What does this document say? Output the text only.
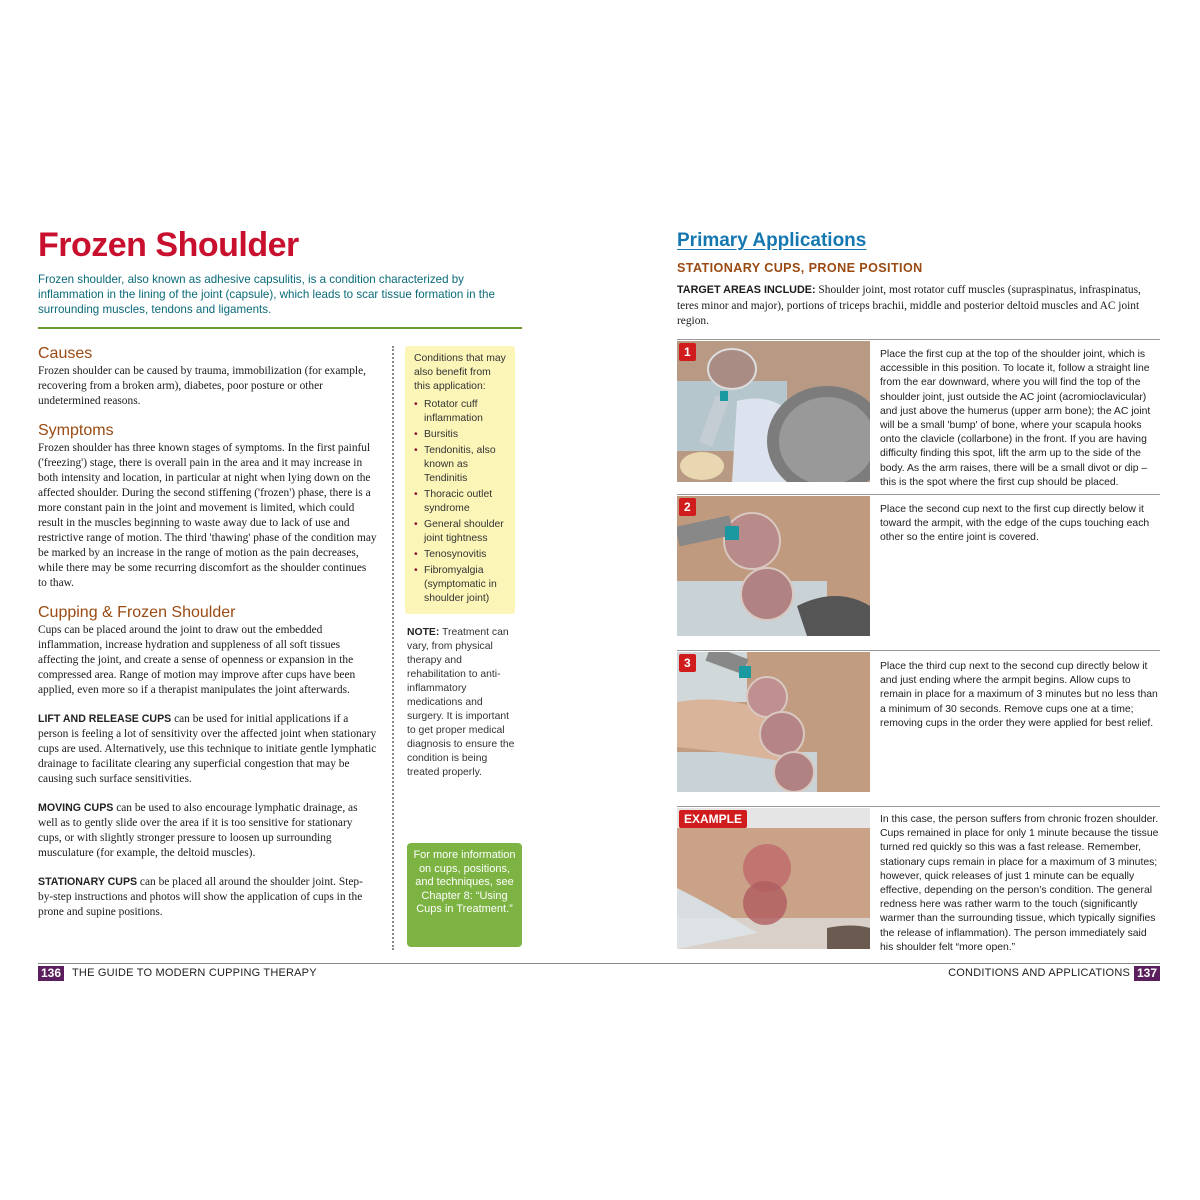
Frozen Shoulder

Frozen shoulder, also known as adhesive capsulitis, is a condition characterized by inflammation in the lining of the joint (capsule), which leads to scar tissue formation in the surrounding muscles, tendons and ligaments.

Causes

Frozen shoulder can be caused by trauma, immobilization (for example, recovering from a broken arm), diabetes, poor posture or other undetermined reasons.

Symptoms

Frozen shoulder has three known stages of symptoms. In the first painful ('freezing') stage, there is overall pain in the area and it may increase in both intensity and location, in particular at night when lying down on the affected shoulder. During the second stiffening ('frozen') phase, there is a more constant pain in the joint and movement is limited, which could result in the muscles beginning to waste away due to lack of use and restrictive range of motion. The third 'thawing' phase of the condition may be marked by an increase in the range of motion as the pain decreases, while there may be some recurring discomfort as the shoulder continues to thaw.

Cupping & Frozen Shoulder

Cups can be placed around the joint to draw out the embedded inflammation, increase hydration and suppleness of all soft tissues affecting the joint, and create a sense of openness or expansion in the compressed area. Range of motion may improve after cups have been applied, even more so if a therapist manipulates the joint afterwards.

LIFT AND RELEASE CUPS can be used for initial applications if a person is feeling a lot of sensitivity over the affected joint when stationary cups are used. Alternatively, use this technique to initiate gentle lymphatic drainage to facilitate clearing any superficial congestion that may be causing such surface sensitivities.

MOVING CUPS can be used to also encourage lymphatic drainage, as well as to gently slide over the area if it is too sensitive for stationary cups, or with slightly stronger pressure to loosen up surrounding musculature (for example, the deltoid muscles).

STATIONARY CUPS can be placed all around the shoulder joint. Step-by-step instructions and photos will show the application of cups in the prone and supine positions.

Conditions that may also benefit from this application:
• Rotator cuff inflammation
• Bursitis
• Tendonitis, also known as Tendinitis
• Thoracic outlet syndrome
• General shoulder joint tightness
• Tenosynovitis
• Fibromyalgia (symptomatic in shoulder joint)
NOTE: Treatment can vary, from physical therapy and rehabilitation to anti-inflammatory medications and surgery. It is important to get proper medical diagnosis to ensure the condition is being treated properly.
For more information on cups, positions, and techniques, see Chapter 8: “Using Cups in Treatment.”
Primary Applications
STATIONARY CUPS, PRONE POSITION

TARGET AREAS INCLUDE: Shoulder joint, most rotator cuff muscles (supraspinatus, infraspinatus, teres minor and major), portions of triceps brachii, middle and posterior deltoid muscles and AC joint region.

1	Place the first cup at the top of the shoulder joint, which is accessible in this position. To locate it, follow a straight line from the ear downward, where you will find the top of the shoulder joint, just outside the AC joint (acromioclavicular) and just above the humerus (upper arm bone); the AC joint will be a small 'bump' of bone, where your scapula hooks onto the clavicle (collarbone) in the front. If you are having difficulty finding this spot, lift the arm up to the side of the body. As the arm raises, there will be a small divot or dip – this is the spot where the first cup should be placed.
2	Place the second cup next to the first cup directly below it toward the armpit, with the edge of the cups touching each other so the entire joint is covered.
3	Place the third cup next to the second cup directly below it and just ending where the armpit begins. Allow cups to remain in place for a maximum of 3 minutes but no less than a minimum of 30 seconds. Remove cups one at a time; removing cups in the order they were applied for best relief.
EXAMPLE	In this case, the person suffers from chronic frozen shoulder. Cups remained in place for only 1 minute because the tissue turned red quickly so this was a fast release. Remember, stationary cups remain in place for a maximum of 3 minutes; however, quick releases of just 1 minute can be equally effective, depending on the person’s condition. The general redness here was rather warm to the touch (significantly warmer than the surrounding tissue, which typically signifies the release of inflammation). The person immediately said his shoulder felt “more open.”
136 THE GUIDE TO MODERN CUPPING THERAPY	CONDITIONS AND APPLICATIONS 137
